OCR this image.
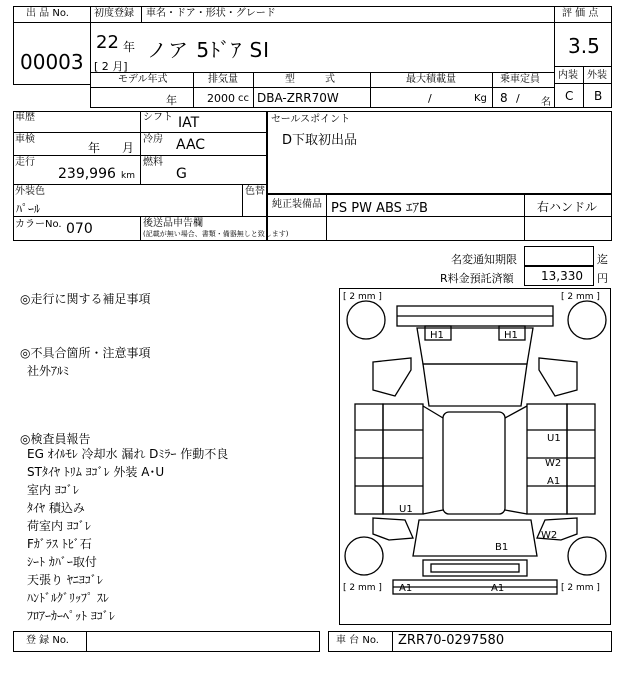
出 品 No.
00003
初度登録 車名・ドア・形状・グレード
22 年
[ 2 月]
ノア 5ﾄﾞｱ SI
評 価 点
3.5
内装 外装
C B
モデル年式	排気量	型　　　式	最大積載量	乗車定員
年	2000 cc DBA-ZRR70W	/	Kg 8 / 名
車歴	シフト IAT
車検
年 月
冷房 AAC
走行
239,996 km
燃料
G
外装色
ﾊﾟｰﾙ
色替
カラーNo. 070	後送品申告欄
(記載が無い場合、書類・備器無しと致します)
セールスポイント
D下取初出品
純正装備品 PS PW ABS ｴｱB	右ハンドル
名変通知期限	迄
R料金預託済額 13,330 円
◎走行に関する補足事項
◎不具合箇所・注意事項
社外ｱﾙﾐ
◎検査員報告
EG ｵｲﾙﾓﾚ 冷却水 漏れ Dﾐﾗｰ 作動不良
STﾀｲﾔ ﾄﾘﾑ ﾖｺﾞﾚ 外装 A･U
室内 ﾖｺﾞﾚ
ﾀｲﾔ 積込み
荷室内 ﾖｺﾞﾚ
Fｶﾞﾗｽ ﾄﾋﾞ石
ｼｰﾄ ｶﾊﾞｰ取付
天張り ﾔﾆﾖｺﾞﾚ
ﾊﾝﾄﾞﾙｸﾞﾘｯﾌﾟ ｽﾚ
ﾌﾛｱｰｶｰﾍﾟｯﾄ ﾖｺﾞﾚ
[ 2 mm ]	[ 2 mm ]
[ 2 mm ]	[ 2 mm ]
H1	H1
U1
W2
A1
U1
W2
B1
A1	A1
登 録 No.	車 台 No. ZRR70-0297580
